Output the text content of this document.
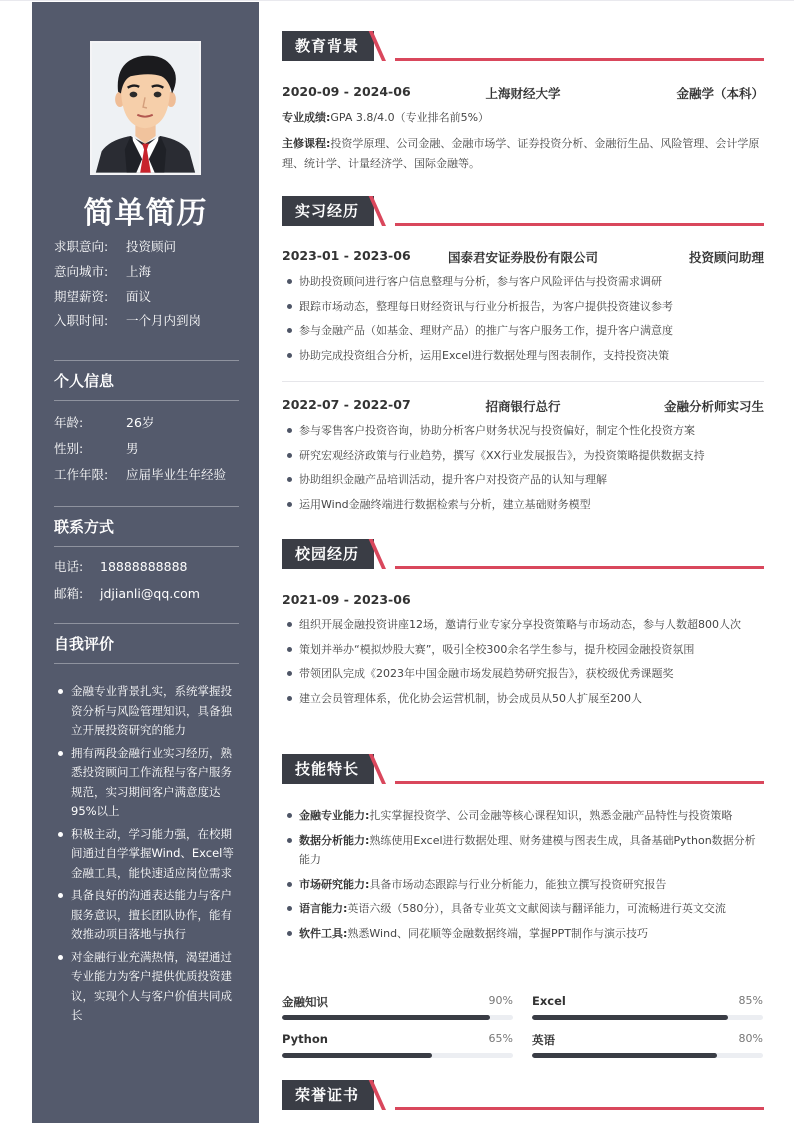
简单简历
求职意向: 投资顾问
意向城市: 上海
期望薪资: 面议
入职时间: 一个月内到岗
个人信息
年龄:	26岁
性别:	男
工作年限: 应届毕业生年经验
联系方式
电话: 18888888888
邮箱: jdjianli@qq.com
自我评价
金融专业背景扎实，系统掌握投资分析与风险管理知识，具备独立开展投资研究的能力
拥有两段金融行业实习经历，熟悉投资顾问工作流程与客户服务规范，实习期间客户满意度达95%以上
积极主动，学习能力强，在校期间通过自学掌握Wind、Excel等金融工具，能快速适应岗位需求
具备良好的沟通表达能力与客户服务意识，擅长团队协作，能有效推动项目落地与执行
对金融行业充满热情，渴望通过专业能力为客户提供优质投资建议，实现个人与客户价值共同成长
教育背景
2020-09 - 2024-06	上海财经大学	金融学（本科）
专业成绩:GPA 3.8/4.0（专业排名前5%）
主修课程:投资学原理、公司金融、金融市场学、证券投资分析、金融衍生品、风险管理、会计学原理、统计学、计量经济学、国际金融等。
实习经历
2023-01 - 2023-06	国泰君安证券股份有限公司	投资顾问助理
协助投资顾问进行客户信息整理与分析，参与客户风险评估与投资需求调研
跟踪市场动态，整理每日财经资讯与行业分析报告，为客户提供投资建议参考
参与金融产品（如基金、理财产品）的推广与客户服务工作，提升客户满意度
协助完成投资组合分析，运用Excel进行数据处理与图表制作，支持投资决策
2022-07 - 2022-07	招商银行总行	金融分析师实习生
参与零售客户投资咨询，协助分析客户财务状况与投资偏好，制定个性化投资方案
研究宏观经济政策与行业趋势，撰写《XX行业发展报告》，为投资策略提供数据支持
协助组织金融产品培训活动，提升客户对投资产品的认知与理解
运用Wind金融终端进行数据检索与分析，建立基础财务模型
校园经历
2021-09 - 2023-06
组织开展金融投资讲座12场，邀请行业专家分享投资策略与市场动态，参与人数超800人次
策划并举办“模拟炒股大赛”，吸引全校300余名学生参与，提升校园金融投资氛围
带领团队完成《2023年中国金融市场发展趋势研究报告》，获校级优秀课题奖
建立会员管理体系，优化协会运营机制，协会成员从50人扩展至200人
技能特长
金融专业能力:扎实掌握投资学、公司金融等核心课程知识，熟悉金融产品特性与投资策略
数据分析能力:熟练使用Excel进行数据处理、财务建模与图表生成，具备基础Python数据分析能力
市场研究能力:具备市场动态跟踪与行业分析能力，能独立撰写投资研究报告
语言能力:英语六级（580分），具备专业英文文献阅读与翻译能力，可流畅进行英文交流
软件工具:熟悉Wind、同花顺等金融数据终端，掌握PPT制作与演示技巧
金融知识	90% Excel	85%
Python	65% 英语	80%
荣誉证书
